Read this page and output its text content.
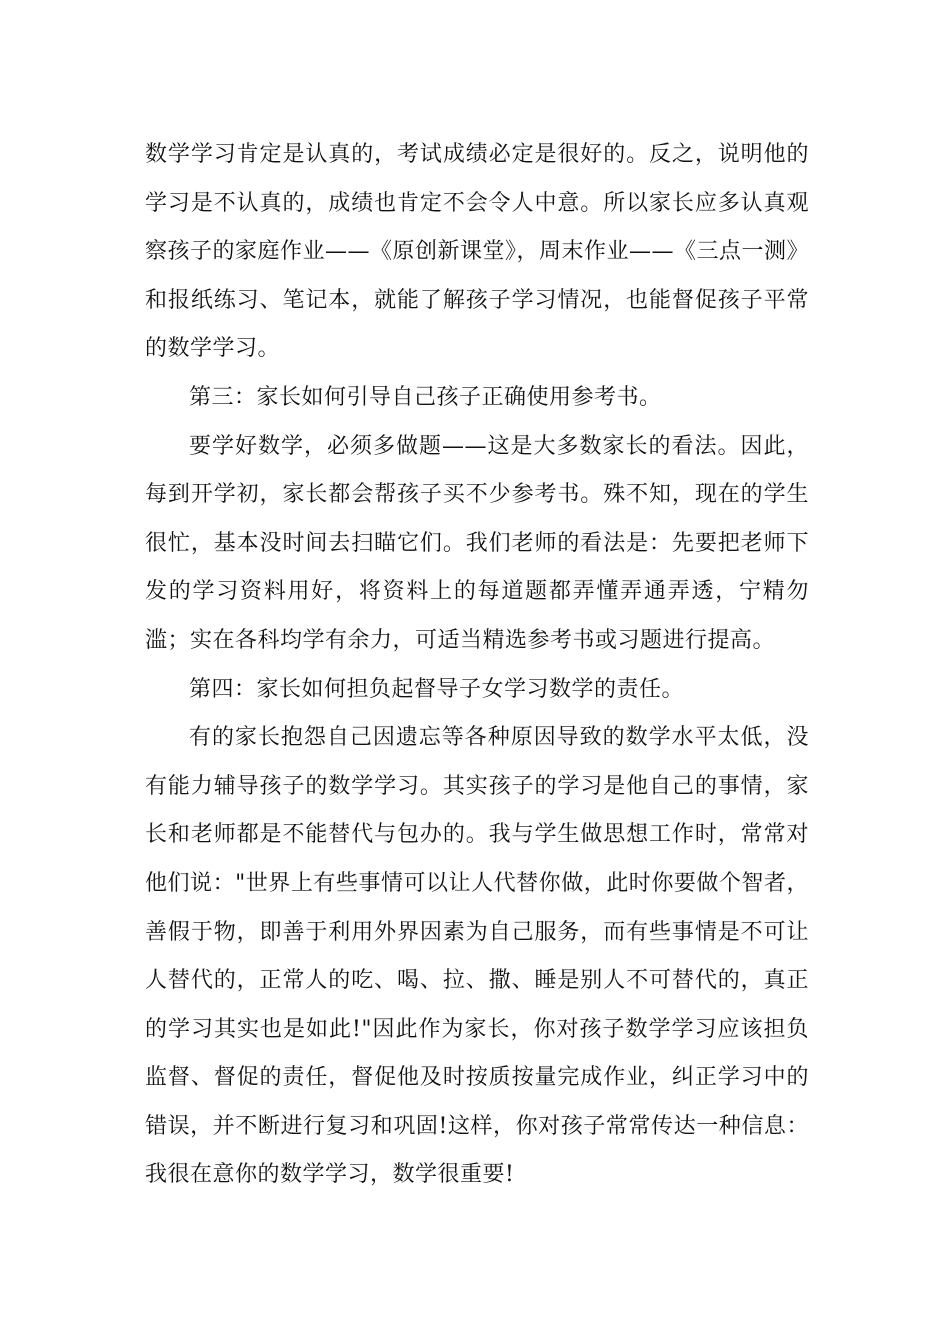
数学学习肯定是认真的，考试成绩必定是很好的。反之，说明他的学习是不认真的，成绩也肯定不会令人中意。所以家长应多认真观察孩子的家庭作业——《原创新课堂》，周末作业——《三点一测》和报纸练习、笔记本，就能了解孩子学习情况，也能督促孩子平常的数学学习。

第三：家长如何引导自己孩子正确使用参考书。

要学好数学，必须多做题——这是大多数家长的看法。因此，每到开学初，家长都会帮孩子买不少参考书。殊不知，现在的学生很忙，基本没时间去扫瞄它们。我们老师的看法是：先要把老师下发的学习资料用好，将资料上的每道题都弄懂弄通弄透，宁精勿滥；实在各科均学有余力，可适当精选参考书或习题进行提高。

第四：家长如何担负起督导子女学习数学的责任。

有的家长抱怨自己因遗忘等各种原因导致的数学水平太低，没有能力辅导孩子的数学学习。其实孩子的学习是他自己的事情，家长和老师都是不能替代与包办的。我与学生做思想工作时，常常对他们说："世界上有些事情可以让人代替你做，此时你要做个智者，善假于物，即善于利用外界因素为自己服务，而有些事情是不可让人替代的，正常人的吃、喝、拉、撒、睡是别人不可替代的，真正的学习其实也是如此!"因此作为家长，你对孩子数学学习应该担负监督、督促的责任，督促他及时按质按量完成作业，纠正学习中的错误，并不断进行复习和巩固!这样，你对孩子常常传达一种信息：我很在意你的数学学习，数学很重要!
